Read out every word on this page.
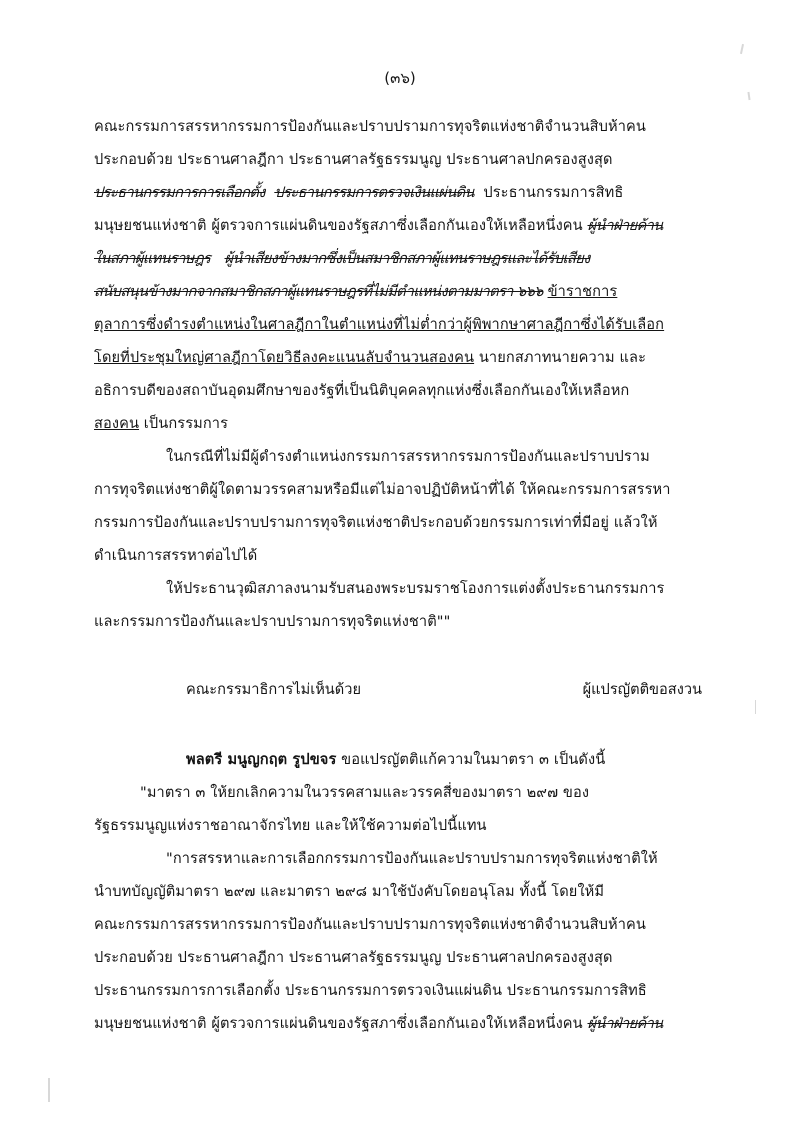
(๓๖)

คณะกรรมการสรรหากรรมการป้องกันและปราบปรามการทุจริตแห่งชาติจำนวนสิบห้าคน
ประกอบด้วย ประธานศาลฎีกา ประธานศาลรัฐธรรมนูญ ประธานศาลปกครองสูงสุด
ประธานกรรมการการเลือกตั้ง ประธานกรรมการตรวจเงินแผ่นดิน ประธานกรรมการสิทธิ
มนุษยชนแห่งชาติ ผู้ตรวจการแผ่นดินของรัฐสภาซึ่งเลือกกันเองให้เหลือหนึ่งคน ผู้นำฝ่ายค้าน
ในสภาผู้แทนราษฎร ผู้นำเสียงข้างมากซึ่งเป็นสมาชิกสภาผู้แทนราษฎรและได้รับเสียง
สนับสนุนข้างมากจากสมาชิกสภาผู้แทนราษฎรที่ไม่มีตำแหน่งตามมาตรา ๖๖๖ ข้าราชการ
ตุลาการซึ่งดำรงตำแหน่งในศาลฎีกาในตำแหน่งที่ไม่ต่ำกว่าผู้พิพากษาศาลฎีกาซึ่งได้รับเลือก
โดยที่ประชุมใหญ่ศาลฎีกาโดยวิธีลงคะแนนลับจำนวนสองคน นายกสภาทนายความ และ
อธิการบดีของสถาบันอุดมศึกษาของรัฐที่เป็นนิติบุคคลทุกแห่งซึ่งเลือกกันเองให้เหลือหก
สองคน เป็นกรรมการ

ในกรณีที่ไม่มีผู้ดำรงตำแหน่งกรรมการสรรหากรรมการป้องกันและปราบปราม
การทุจริตแห่งชาติผู้ใดตามวรรคสามหรือมีแต่ไม่อาจปฏิบัติหน้าที่ได้ ให้คณะกรรมการสรรหา
กรรมการป้องกันและปราบปรามการทุจริตแห่งชาติประกอบด้วยกรรมการเท่าที่มีอยู่ แล้วให้
ดำเนินการสรรหาต่อไปได้

ให้ประธานวุฒิสภาลงนามรับสนองพระบรมราชโองการแต่งตั้งประธานกรรมการ
และกรรมการป้องกันและปราบปรามการทุจริตแห่งชาติ""

คณะกรรมาธิการไม่เห็นด้วย	ผู้แปรญัตติขอสงวน

พลตรี มนูญกฤต รูปขจร ขอแปรญัตติแก้ความในมาตรา ๓ เป็นดังนี้

"มาตรา ๓ ให้ยกเลิกความในวรรคสามและวรรคสี่ของมาตรา ๒๙๗ ของ
รัฐธรรมนูญแห่งราชอาณาจักรไทย และให้ใช้ความต่อไปนี้แทน

"การสรรหาและการเลือกกรรมการป้องกันและปราบปรามการทุจริตแห่งชาติให้
นำบทบัญญัติมาตรา ๒๙๗ และมาตรา ๒๙๘ มาใช้บังคับโดยอนุโลม ทั้งนี้ โดยให้มี
คณะกรรมการสรรหากรรมการป้องกันและปราบปรามการทุจริตแห่งชาติจำนวนสิบห้าคน
ประกอบด้วย ประธานศาลฎีกา ประธานศาลรัฐธรรมนูญ ประธานศาลปกครองสูงสุด
ประธานกรรมการการเลือกตั้ง ประธานกรรมการตรวจเงินแผ่นดิน ประธานกรรมการสิทธิ
มนุษยชนแห่งชาติ ผู้ตรวจการแผ่นดินของรัฐสภาซึ่งเลือกกันเองให้เหลือหนึ่งคน ผู้นำฝ่ายค้าน
